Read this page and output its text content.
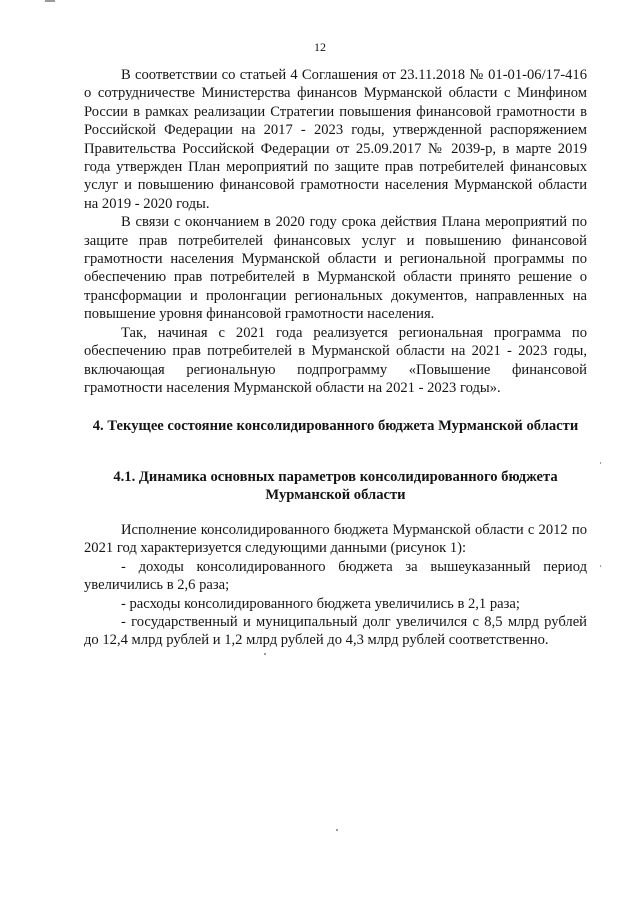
12

В соответствии со статьей 4 Соглашения от 23.11.2018 № 01-01-06/17-416 о сотрудничестве Министерства финансов Мурманской области с Минфином России в рамках реализации Стратегии повышения финансовой грамотности в Российской Федерации на 2017 - 2023 годы, утвержденной распоряжением Правительства Российской Федерации от 25.09.2017 № 2039-р, в марте 2019 года утвержден План мероприятий по защите прав потребителей финансовых услуг и повышению финансовой грамотности населения Мурманской области на 2019 - 2020 годы.

В связи с окончанием в 2020 году срока действия Плана мероприятий по защите прав потребителей финансовых услуг и повышению финансовой грамотности населения Мурманской области и региональной программы по обеспечению прав потребителей в Мурманской области принято решение о трансформации и пролонгации региональных документов, направленных на повышение уровня финансовой грамотности населения.

Так, начиная с 2021 года реализуется региональная программа по обеспечению прав потребителей в Мурманской области на 2021 - 2023 годы, включающая региональную подпрограмму «Повышение финансовой грамотности населения Мурманской области на 2021 - 2023 годы».

4. Текущее состояние консолидированного бюджета Мурманской области

4.1. Динамика основных параметров консолидированного бюджета Мурманской области

Исполнение консолидированного бюджета Мурманской области с 2012 по 2021 год характеризуется следующими данными (рисунок 1):

- доходы консолидированного бюджета за вышеуказанный период увеличились в 2,6 раза;

- расходы консолидированного бюджета увеличились в 2,1 раза;

- государственный и муниципальный долг увеличился с 8,5 млрд рублей до 12,4 млрд рублей и 1,2 млрд рублей до 4,3 млрд рублей соответственно.
